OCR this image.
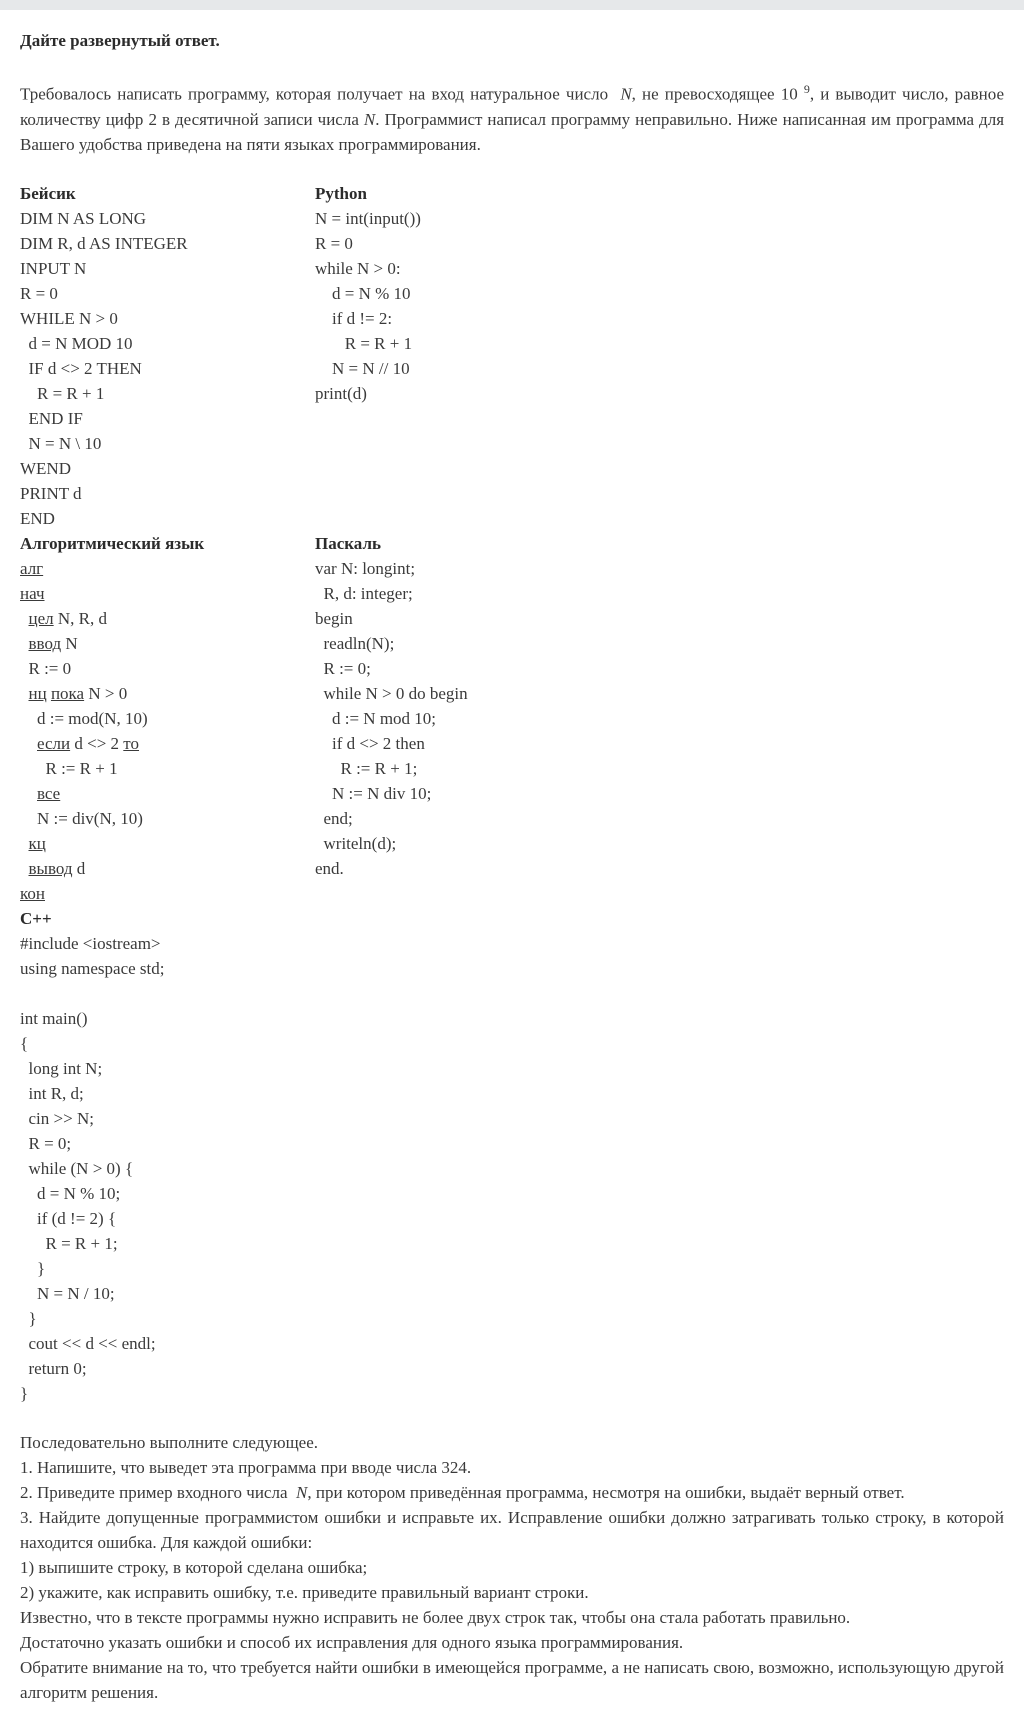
Дайте развернутый ответ.

Требовалось написать программу, которая получает на вход натуральное число N, не превосходящее 10 $^9$, и выводит число, равное количеству цифр 2 в десятичной записи числа N. Программист написал программу неправильно. Ниже написанная им программа для Вашего удобства приведена на пяти языках программирования.

Бейсик
DIM N AS LONG
DIM R, d AS INTEGER
INPUT N
R = 0
WHILE N > 0
d = N MOD 10
IF d <> 2 THEN
R = R + 1
END IF
N = N \ 10
WEND
PRINT d
END
Python
N = int(input())
R = 0
while N > 0:
d = N % 10
if d != 2:
R = R + 1
N = N // 10
print(d)
Алгоритмический язык
алг
нач
цел N, R, d
ввод N
R := 0
нц пока N > 0
d := mod(N, 10)
если d <> 2 то
R := R + 1
все
N := div(N, 10)
кц
вывод d
кон
Паскаль
var N: longint;
R, d: integer;
begin
readln(N);
R := 0;
while N > 0 do begin
d := N mod 10;
if d <> 2 then
R := R + 1;
N := N div 10;
end;
writeln(d);
end.
С++
#include <iostream>
using namespace std;
int main()
{
long int N;
int R, d;
cin >> N;
R = 0;
while (N > 0) {
d = N % 10;
if (d != 2) {
R = R + 1;
}
N = N / 10;
}
cout << d << endl;
return 0;
}
Последовательно выполните следующее.
1. Напишите, что выведет эта программа при вводе числа 324.
2. Приведите пример входного числа N, при котором приведённая программа, несмотря на ошибки, выдаёт верный ответ.
3. Найдите допущенные программистом ошибки и исправьте их. Исправление ошибки должно затрагивать только строку, в которой находится ошибка. Для каждой ошибки:
1) выпишите строку, в которой сделана ошибка;
2) укажите, как исправить ошибку, т.е. приведите правильный вариант строки.
Известно, что в тексте программы нужно исправить не более двух строк так, чтобы она стала работать правильно.
Достаточно указать ошибки и способ их исправления для одного языка программирования.
Обратите внимание на то, что требуется найти ошибки в имеющейся программе, а не написать свою, возможно, использующую другой алгоритм решения.
